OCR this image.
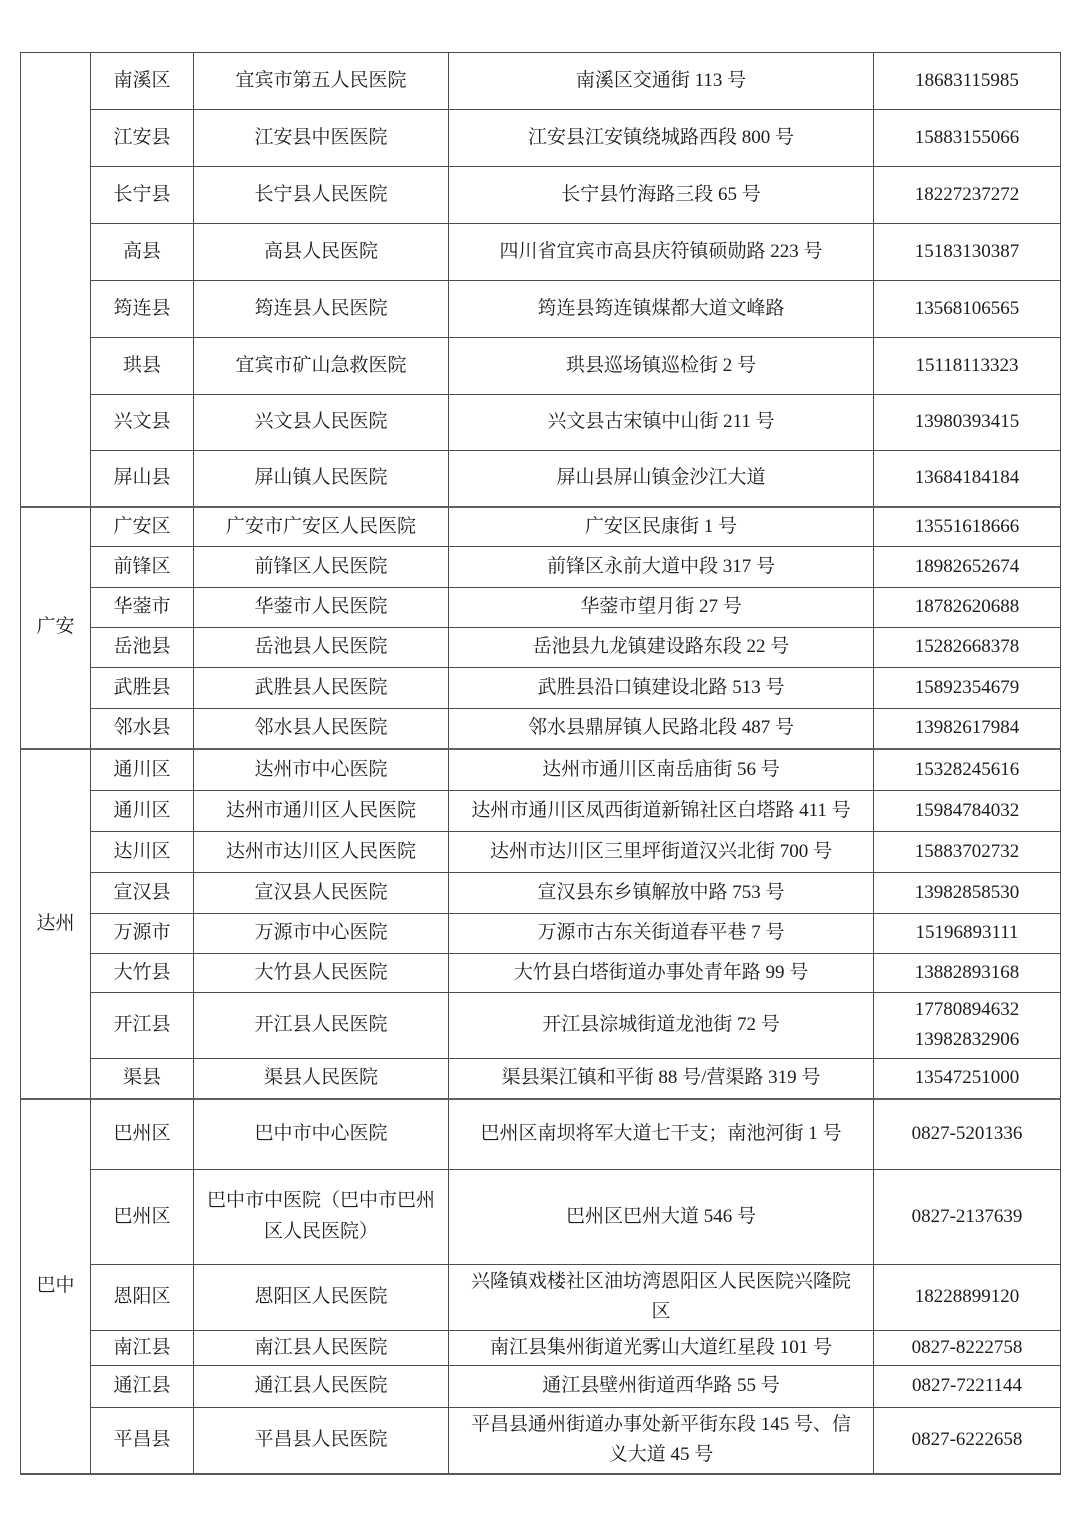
	南溪区	宜宾市第五人民医院	南溪区交通街 113 号	18683115985

	江安县	江安县中医医院	江安县江安镇绕城路西段 800 号	15883155066

	长宁县	长宁县人民医院	长宁县竹海路三段 65 号	18227237272

	高县	高县人民医院	四川省宜宾市高县庆符镇硕勋路 223 号	15183130387

	筠连县	筠连县人民医院	筠连县筠连镇煤都大道文峰路	13568106565

	珙县	宜宾市矿山急救医院	珙县巡场镇巡检街 2 号	15118113323

	兴文县	兴文县人民医院	兴文县古宋镇中山街 211 号	13980393415

	屏山县	屏山镇人民医院	屏山县屏山镇金沙江大道	13684184184

广安	广安区	广安市广安区人民医院	广安区民康街 1 号	13551618666

	前锋区	前锋区人民医院	前锋区永前大道中段 317 号	18982652674

	华蓥市	华蓥市人民医院	华蓥市望月街 27 号	18782620688

	岳池县	岳池县人民医院	岳池县九龙镇建设路东段 22 号	15282668378

	武胜县	武胜县人民医院	武胜县沿口镇建设北路 513 号	15892354679

	邻水县	邻水县人民医院	邻水县鼎屏镇人民路北段 487 号	13982617984

达州	通川区	达州市中心医院	达州市通川区南岳庙街 56 号	15328245616

	通川区	达州市通川区人民医院	达州市通川区凤西街道新锦社区白塔路 411 号	15984784032

	达川区	达州市达川区人民医院	达州市达川区三里坪街道汉兴北街 700 号	15883702732

	宣汉县	宣汉县人民医院	宣汉县东乡镇解放中路 753 号	13982858530

	万源市	万源市中心医院	万源市古东关街道春平巷 7 号	15196893111

	大竹县	大竹县人民医院	大竹县白塔街道办事处青年路 99 号	13882893168

	开江县	开江县人民医院	开江县淙城街道龙池街 72 号	17780894632
13982832906

	渠县	渠县人民医院	渠县渠江镇和平街 88 号/营渠路 319 号	13547251000

巴中	巴州区	巴中市中心医院	巴州区南坝将军大道七干支；南池河街 1 号	0827-5201336

	巴州区	巴中市中医院（巴中市巴州区人民医院）	巴州区巴州大道 546 号	0827-2137639

	恩阳区	恩阳区人民医院	兴隆镇戏楼社区油坊湾恩阳区人民医院兴隆院区	18228899120

	南江县	南江县人民医院	南江县集州街道光雾山大道红星段 101 号	0827-8222758

	通江县	通江县人民医院	通江县壁州街道西华路 55 号	0827-7221144

	平昌县	平昌县人民医院	平昌县通州街道办事处新平街东段 145 号、信义大道 45 号	0827-6222658
